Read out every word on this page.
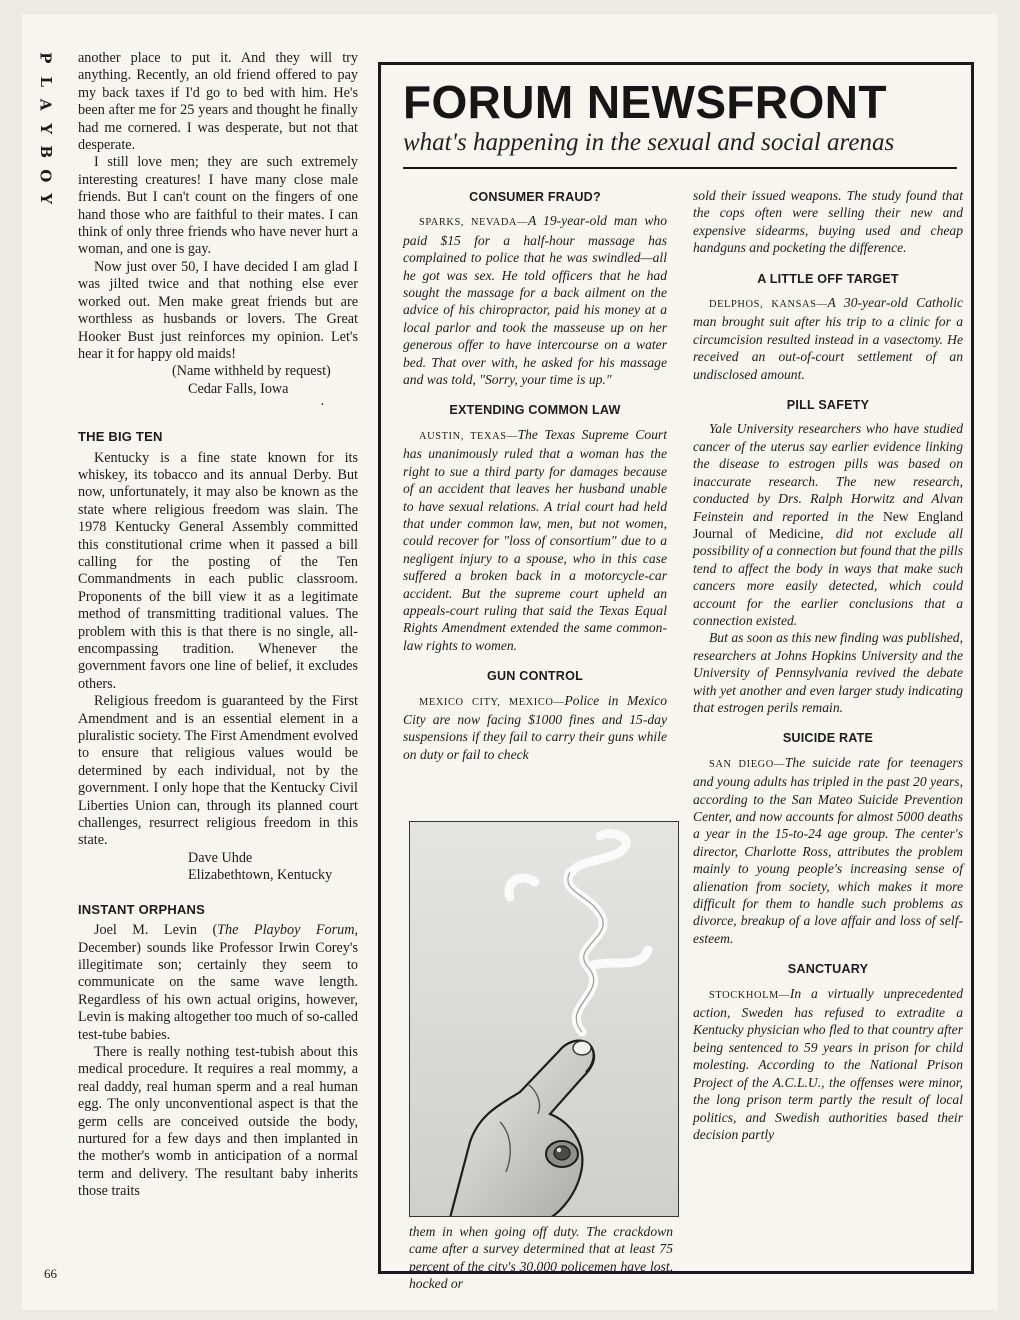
P
L
A
Y
B
O
Y
66

another place to put it. And they will try anything. Recently, an old friend offered to pay my back taxes if I'd go to bed with him. He's been after me for 25 years and thought he finally had me cornered. I was desperate, but not that desperate.

I still love men; they are such extremely interesting creatures! I have many close male friends. But I can't count on the fingers of one hand those who are faithful to their mates. I can think of only three friends who have never hurt a woman, and one is gay.

Now just over 50, I have decided I am glad I was jilted twice and that nothing else ever worked out. Men make great friends but are worthless as husbands or lovers. The Great Hooker Bust just reinforces my opinion. Let's hear it for happy old maids!

(Name withheld by request)

Cedar Falls, Iowa

·

THE BIG TEN

Kentucky is a fine state known for its whiskey, its tobacco and its annual Derby. But now, unfortunately, it may also be known as the state where religious freedom was slain. The 1978 Kentucky General Assembly committed this constitutional crime when it passed a bill calling for the posting of the Ten Commandments in each public classroom. Proponents of the bill view it as a legitimate method of transmitting traditional values. The problem with this is that there is no single, all-encompassing tradition. Whenever the government favors one line of belief, it excludes others.

Religious freedom is guaranteed by the First Amendment and is an essential element in a pluralistic society. The First Amendment evolved to ensure that religious values would be determined by each individual, not by the government. I only hope that the Kentucky Civil Liberties Union can, through its planned court challenges, resurrect religious freedom in this state.

Dave Uhde

Elizabethtown, Kentucky

INSTANT ORPHANS

Joel M. Levin (The Playboy Forum, December) sounds like Professor Irwin Corey's illegitimate son; certainly they seem to communicate on the same wave length. Regardless of his own actual origins, however, Levin is making altogether too much of so-called test-tube babies.

There is really nothing test-tubish about this medical procedure. It requires a real mommy, a real daddy, real human sperm and a real human egg. The only unconventional aspect is that the germ cells are conceived outside the body, nurtured for a few days and then implanted in the mother's womb in anticipation of a normal term and delivery. The resultant baby inherits those traits

FORUM NEWSFRONT
what's happening in the sexual and social arenas
CONSUMER FRAUD?

SPARKS, NEVADA—A 19-year-old man who paid $15 for a half-hour massage has complained to police that he was swindled—all he got was sex. He told officers that he had sought the massage for a back ailment on the advice of his chiropractor, paid his money at a local parlor and took the masseuse up on her generous offer to have intercourse on a water bed. That over with, he asked for his massage and was told, "Sorry, your time is up."

EXTENDING COMMON LAW

AUSTIN, TEXAS—The Texas Supreme Court has unanimously ruled that a woman has the right to sue a third party for damages because of an accident that leaves her husband unable to have sexual relations. A trial court had held that under common law, men, but not women, could recover for "loss of consortium" due to a negligent injury to a spouse, who in this case suffered a broken back in a motorcycle-car accident. But the supreme court upheld an appeals-court ruling that said the Texas Equal Rights Amendment extended the same common-law rights to women.

GUN CONTROL

MEXICO CITY, MEXICO—Police in Mexico City are now facing $1000 fines and 15-day suspensions if they fail to carry their guns while on duty or fail to check

them in when going off duty. The crackdown came after a survey determined that at least 75 percent of the city's 30,000 policemen have lost, hocked or

sold their issued weapons. The study found that the cops often were selling their new and expensive sidearms, buying used and cheap handguns and pocketing the difference.

A LITTLE OFF TARGET

DELPHOS, KANSAS—A 30-year-old Catholic man brought suit after his trip to a clinic for a circumcision resulted instead in a vasectomy. He received an out-of-court settlement of an undisclosed amount.

PILL SAFETY

Yale University researchers who have studied cancer of the uterus say earlier evidence linking the disease to estrogen pills was based on inaccurate research. The new research, conducted by Drs. Ralph Horwitz and Alvan Feinstein and reported in the New England Journal of Medicine, did not exclude all possibility of a connection but found that the pills tend to affect the body in ways that make such cancers more easily detected, which could account for the earlier conclusions that a connection existed.

But as soon as this new finding was published, researchers at Johns Hopkins University and the University of Pennsylvania revived the debate with yet another and even larger study indicating that estrogen perils remain.

SUICIDE RATE

SAN DIEGO—The suicide rate for teenagers and young adults has tripled in the past 20 years, according to the San Mateo Suicide Prevention Center, and now accounts for almost 5000 deaths a year in the 15-to-24 age group. The center's director, Charlotte Ross, attributes the problem mainly to young people's increasing sense of alienation from society, which makes it more difficult for them to handle such problems as divorce, breakup of a love affair and loss of self-esteem.

SANCTUARY

STOCKHOLM—In a virtually unprecedented action, Sweden has refused to extradite a Kentucky physician who fled to that country after being sentenced to 59 years in prison for child molesting. According to the National Prison Project of the A.C.L.U., the offenses were minor, the long prison term partly the result of local politics, and Swedish authorities based their decision partly
